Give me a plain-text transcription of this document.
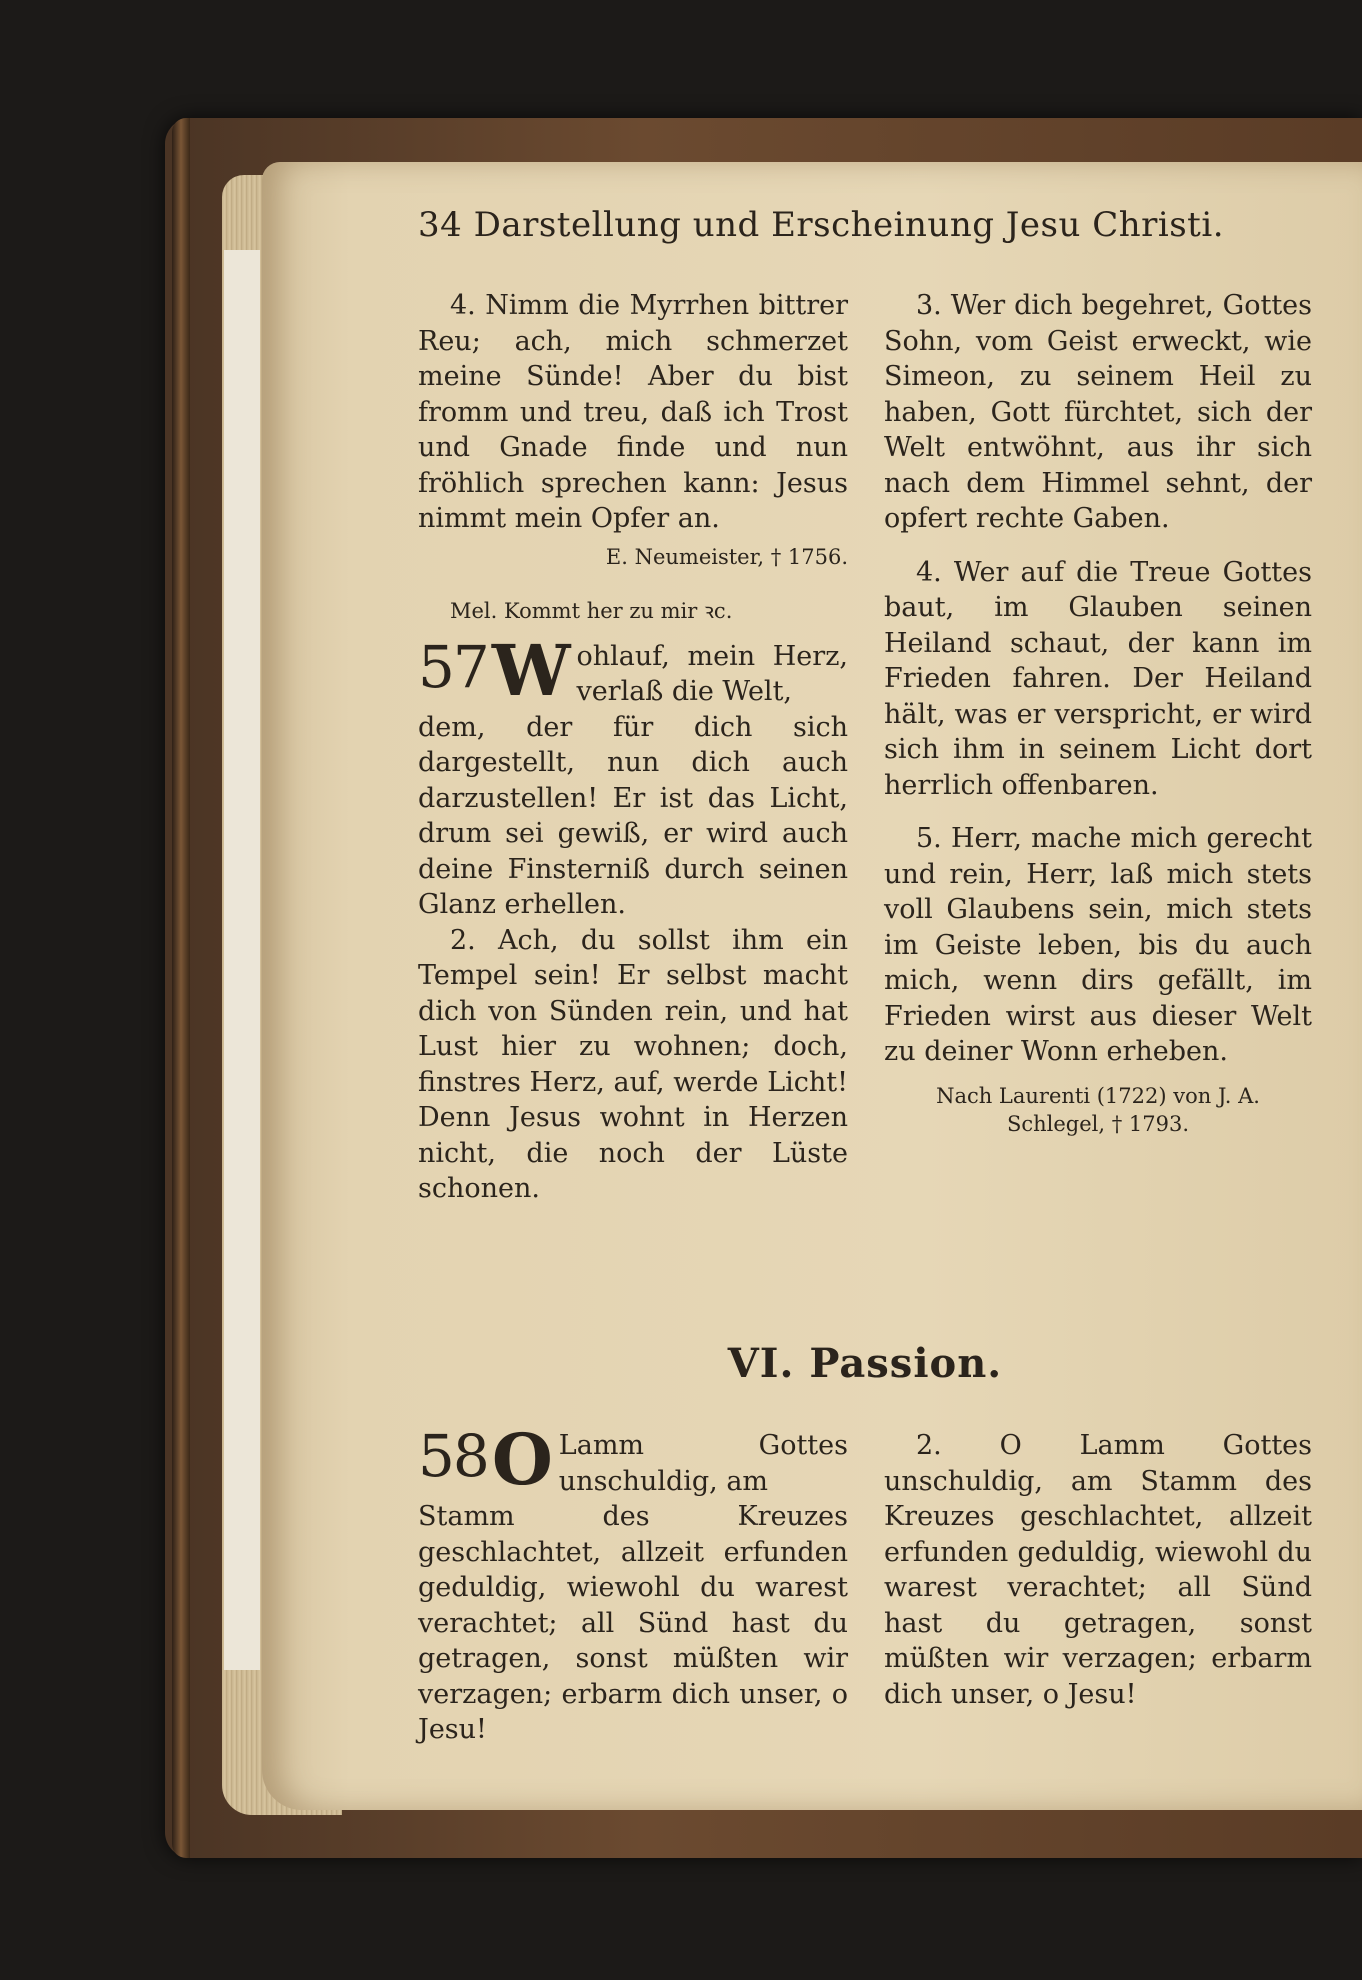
34 Darstellung und Erscheinung Jesu Christi.

4. Nimm die Myrrhen bittrer Reu; ach, mich schmerzet meine Sünde! Aber du bist fromm und treu, daß ich Trost und Gnade finde und nun fröhlich sprechen kann: Jesus nimmt mein Opfer an.

E. Neumeister, † 1756.

Mel. Kommt her zu mir ꝛc.

57 W ohlauf, mein Herz, verlaß die Welt,

dem, der für dich sich dargestellt, nun dich auch darzustellen! Er ist das Licht, drum sei gewiß, er wird auch deine Finsterniß durch seinen Glanz erhellen.

2. Ach, du sollst ihm ein Tempel sein! Er selbst macht dich von Sünden rein, und hat Lust hier zu wohnen; doch, finstres Herz, auf, werde Licht! Denn Jesus wohnt in Herzen nicht, die noch der Lüste schonen.

3. Wer dich begehret, Gottes Sohn, vom Geist erweckt, wie Simeon, zu seinem Heil zu haben, Gott fürchtet, sich der Welt entwöhnt, aus ihr sich nach dem Himmel sehnt, der opfert rechte Gaben.

4. Wer auf die Treue Gottes baut, im Glauben seinen Heiland schaut, der kann im Frieden fahren. Der Heiland hält, was er verspricht, er wird sich ihm in seinem Licht dort herrlich offenbaren.

5. Herr, mache mich gerecht und rein, Herr, laß mich stets voll Glaubens sein, mich stets im Geiste leben, bis du auch mich, wenn dirs gefällt, im Frieden wirst aus dieser Welt zu deiner Wonn erheben.

Nach Laurenti (1722) von J. A. Schlegel, † 1793.

VI. Passion.
58 O Lamm Gottes unschuldig, am

Stamm des Kreuzes geschlachtet, allzeit erfunden geduldig, wiewohl du warest verachtet; all Sünd hast du getragen, sonst müßten wir verzagen; erbarm dich unser, o Jesu!

2. O Lamm Gottes unschuldig, am Stamm des Kreuzes geschlachtet, allzeit erfunden geduldig, wiewohl du warest verachtet; all Sünd hast du getragen, sonst müßten wir verzagen; erbarm dich unser, o Jesu!
